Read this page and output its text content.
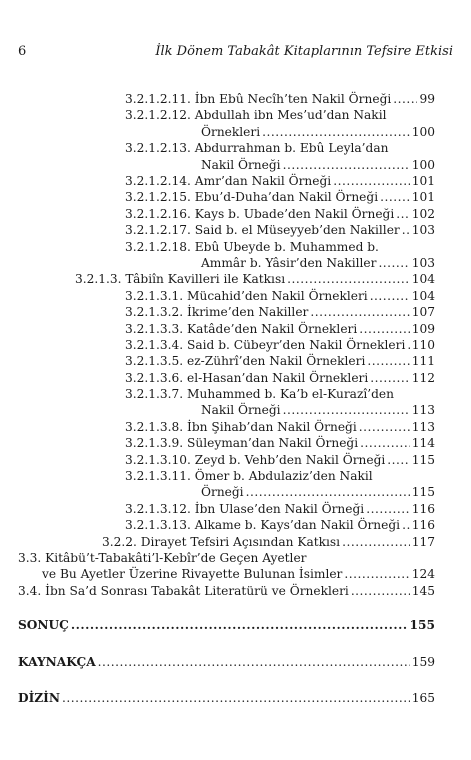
6	İlk Dönem Tabakât Kitaplarının Tefsire Etkisi
3.2.1.2.11.
İbn Ebû Necîh’ten Nakil Örneği ..... 99
3.2.1.2.12.
Abdullah ibn Mes’ud’dan Nakil
Örnekleri .....	100
3.2.1.2.13.
Abdurrahman b. Ebû Leyla’dan
Nakil Örneği .....	100
3.2.1.2.14.
Amr’dan Nakil Örneği .....	101
3.2.1.2.15.
Ebu’d-Duha’dan Nakil Örneği .....	101
3.2.1.2.16.
Kays b. Ubade’den Nakil Örneği ..... 102
3.2.1.2.17.
Said b. el Müseyyeb’den Nakiller ..... 103
3.2.1.2.18.
Ebû Ubeyde b. Muhammed b.
Ammâr b. Yâsir’den Nakiller .....	103
3.2.1.3.
Tâbiîn Kavilleri ile Katkısı .....	104
3.2.1.3.1.
Mücahid’den Nakil Örnekleri .....	104
3.2.1.3.2.
İkrime’den Nakiller .....	107
3.2.1.3.3.
Katâde’den Nakil Örnekleri .....	109
3.2.1.3.4.
Said b. Cübeyr’den Nakil Örnekleri ..... 110
3.2.1.3.5.
ez-Zührî’den Nakil Örnekleri .....	111
3.2.1.3.6.
el-Hasan’dan Nakil Örnekleri .....	112
3.2.1.3.7.
Muhammed b. Ka’b el-Kurazî’den
Nakil Örneği .....	113
3.2.1.3.8.
İbn Şihab’dan Nakil Örneği .....	113
3.2.1.3.9.
Süleyman’dan Nakil Örneği .....	114
3.2.1.3.10.
Zeyd b. Vehb’den Nakil Örneği ..... 115
3.2.1.3.11.
Ömer b. Abdulaziz’den Nakil
Örneği .....	115
3.2.1.3.12.
İbn Ulase’den Nakil Örneği .....	116
3.2.1.3.13.
Alkame b. Kays’dan Nakil Örneği ..... 116
3.2.2.
Dirayet Tefsiri Açısından Katkısı .....	117
3.3.
Kitâbü’t-Tabakâti’l-Kebîr’de Geçen Ayetler
ve Bu Ayetler Üzerine Rivayette Bulunan İsimler .....	124
3.4.
İbn Sa’d Sonrası Tabakât Literatürü ve Örnekleri .....	145
SONUÇ .....	155
KAYNAKÇA .....	159
DİZİN .....	165
